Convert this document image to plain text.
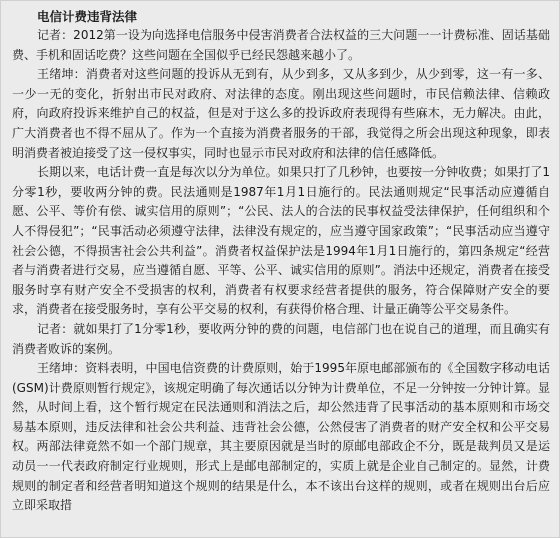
电信计费违背法律

记者：2012第一设为向选择电信服务中侵害消费者合法权益的三大问题一一计费标准、固话基础费、手机和固话吃费？这些问题在全国似乎已经民怨越来越小了。

王绪坤：消费者对这些问题的投诉从无到有，从少到多，又从多到少，从少到零，这一有一多、一少一无的变化，折射出市民对政府、对法律的态度。刚出现这些问题时，市民信赖法律、信赖政府，向政府投诉来维护自己的权益，但是对于这么多的投诉政府表现得有些麻木，无力解决。由此，广大消费者也不得不屈从了。作为一个直接为消费者服务的干部，我觉得之所会出现这种现象，即表明消费者被迫接受了这一侵权事实，同时也显示市民对政府和法律的信任感降低。

长期以来，电话计费一直是每次以分为单位。如果只打了几秒钟，也要按一分钟收费；如果打了1分零1秒，要收两分钟的费。民法通则是1987年1月1日施行的。民法通则规定“民事活动应遵循自愿、公平、等价有偿、诚实信用的原则”；“公民、法人的合法的民事权益受法律保护，任何组织和个人不得侵犯”；“民事活动必须遵守法律，法律没有规定的，应当遵守国家政策”；“民事活动应当遵守社会公德，不得损害社会公共利益”。消费者权益保护法是1994年1月1日施行的，第四条规定“经营者与消费者进行交易，应当遵循自愿、平等、公平、诚实信用的原则”。消法中还规定，消费者在接受服务时享有财产安全不受损害的权利，消费者有权要求经营者提供的服务，符合保障财产安全的要求，消费者在接受服务时，享有公平交易的权利，有获得价格合理、计量正确等公平交易条件。

记者：就如果打了1分零1秒，要收两分钟的费的问题，电信部门也在说自己的道理，而且确实有消费者败诉的案例。

王绪坤：资料表明，中国电信资费的计费原则，始于1995年原电邮部颁布的《全国数字移动电话(GSM)计费原则暂行规定》，该规定明确了每次通话以分钟为计费单位，不足一分钟按一分钟计算。显然，从时间上看，这个暂行规定在民法通则和消法之后，却公然违背了民事活动的基本原则和市场交易基本原则，违反法律和社会公共利益、违背社会公德，公然侵害了消费者的财产安全权和公平交易权。两部法律竟然不如一个部门规章，其主要原因就是当时的原邮电部政企不分，既是裁判员又是运动员一一代表政府制定行业规则，形式上是邮电部制定的，实质上就是企业自己制定的。显然，计费规则的制定者和经营者明知道这个规则的结果是什么，本不该出台这样的规则，或者在规则出台后应立即采取措
